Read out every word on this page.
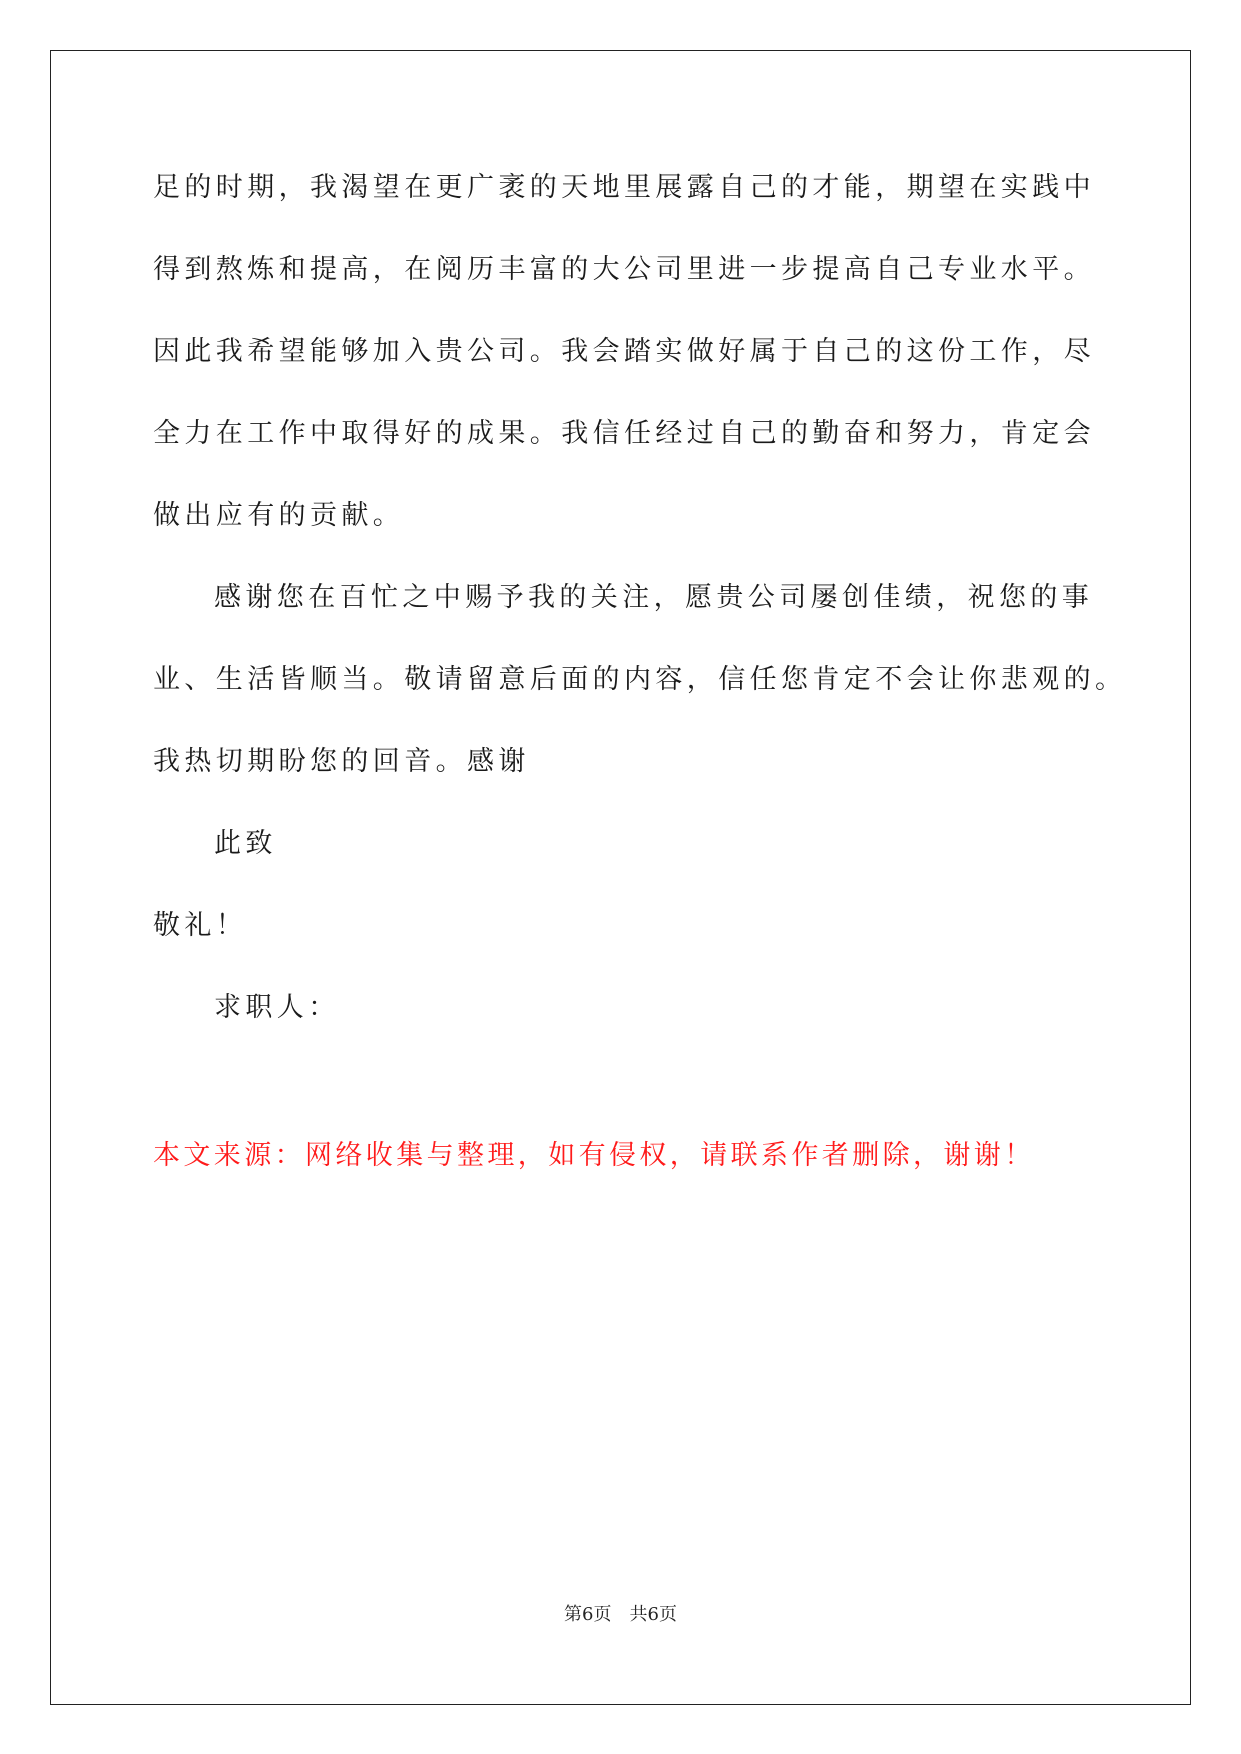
足的时期，我渴望在更广袤的天地里展露自己的才能，期望在实践中
得到熬炼和提高，在阅历丰富的大公司里进一步提高自己专业水平。
因此我希望能够加入贵公司。我会踏实做好属于自己的这份工作，尽
全力在工作中取得好的成果。我信任经过自己的勤奋和努力，肯定会
做出应有的贡献。
感谢您在百忙之中赐予我的关注，愿贵公司屡创佳绩，祝您的事
业、生活皆顺当。敬请留意后面的内容，信任您肯定不会让你悲观的。
我热切期盼您的回音。感谢
此致
敬礼！
求职人：
本文来源：网络收集与整理，如有侵权，请联系作者删除，谢谢！
第6页 共6页
